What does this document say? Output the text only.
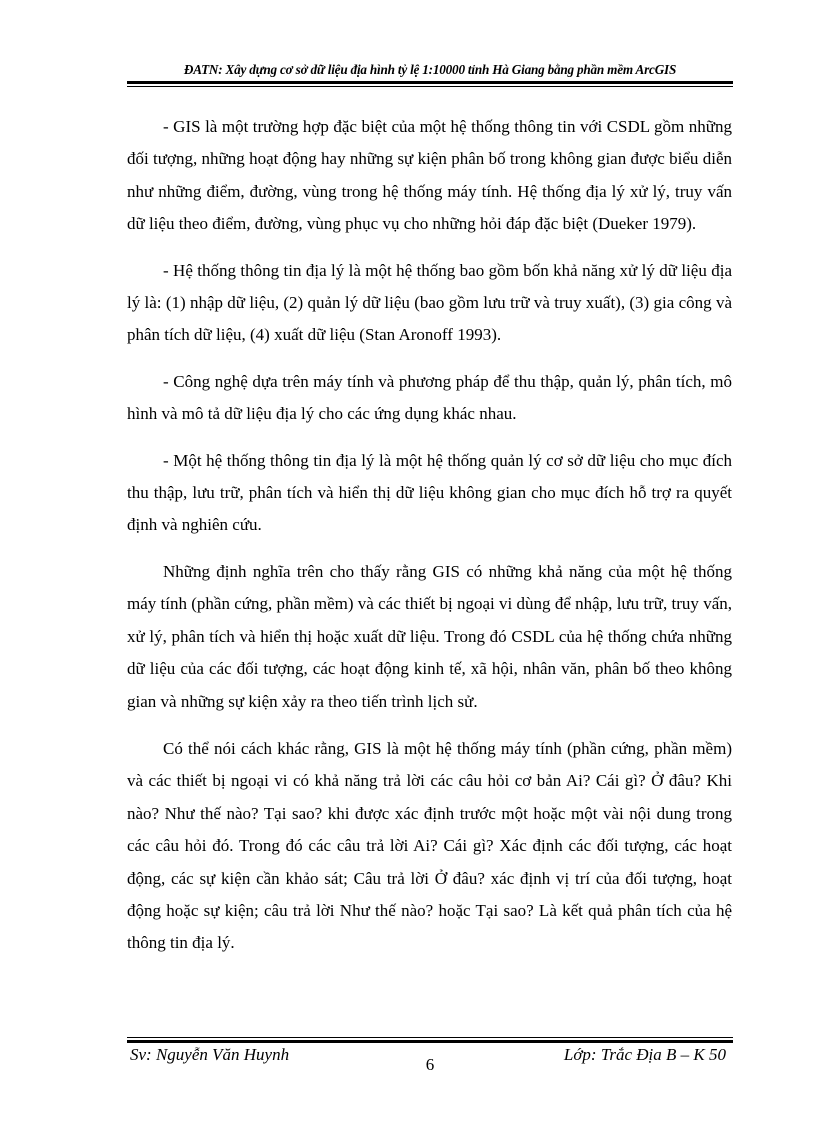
ĐATN: Xây dựng cơ sở dữ liệu địa hình tỷ lệ 1:10000 tỉnh Hà Giang bằng phần mềm ArcGIS

- GIS là một trường hợp đặc biệt của một hệ thống thông tin với CSDL gồm những đối tượng, những hoạt động hay những sự kiện phân bố trong không gian được biểu diễn như những điểm, đường, vùng trong hệ thống máy tính. Hệ thống địa lý xử lý, truy vấn dữ liệu theo điểm, đường, vùng phục vụ cho những hỏi đáp đặc biệt (Dueker 1979).

- Hệ thống thông tin địa lý là một hệ thống bao gồm bốn khả năng xử lý dữ liệu địa lý là: (1) nhập dữ liệu, (2) quản lý dữ liệu (bao gồm lưu trữ và truy xuất), (3) gia công và phân tích dữ liệu, (4) xuất dữ liệu (Stan Aronoff 1993).

- Công nghệ dựa trên máy tính và phương pháp để thu thập, quản lý, phân tích, mô hình và mô tả dữ liệu địa lý cho các ứng dụng khác nhau.

- Một hệ thống thông tin địa lý là một hệ thống quản lý cơ sở dữ liệu cho mục đích thu thập, lưu trữ, phân tích và hiển thị dữ liệu không gian cho mục đích hỗ trợ ra quyết định và nghiên cứu.

Những định nghĩa trên cho thấy rằng GIS có những khả năng của một hệ thống máy tính (phần cứng, phần mềm) và các thiết bị ngoại vi dùng để nhập, lưu trữ, truy vấn, xử lý, phân tích và hiển thị hoặc xuất dữ liệu. Trong đó CSDL của hệ thống chứa những dữ liệu của các đối tượng, các hoạt động kinh tế, xã hội, nhân văn, phân bố theo không gian và những sự kiện xảy ra theo tiến trình lịch sử.

Có thể nói cách khác rằng, GIS là một hệ thống máy tính (phần cứng, phần mềm) và các thiết bị ngoại vi có khả năng trả lời các câu hỏi cơ bản Ai? Cái gì? Ở đâu? Khi nào? Như thế nào? Tại sao? khi được xác định trước một hoặc một vài nội dung trong các câu hỏi đó. Trong đó các câu trả lời Ai? Cái gì? Xác định các đối tượng, các hoạt động, các sự kiện cần khảo sát; Câu trả lời Ở đâu? xác định vị trí của đối tượng, hoạt động hoặc sự kiện; câu trả lời Như thế nào? hoặc Tại sao? Là kết quả phân tích của hệ thông tin địa lý.

Sv: Nguyễn Văn Huynh
6
Lớp: Trắc Địa B – K 50
